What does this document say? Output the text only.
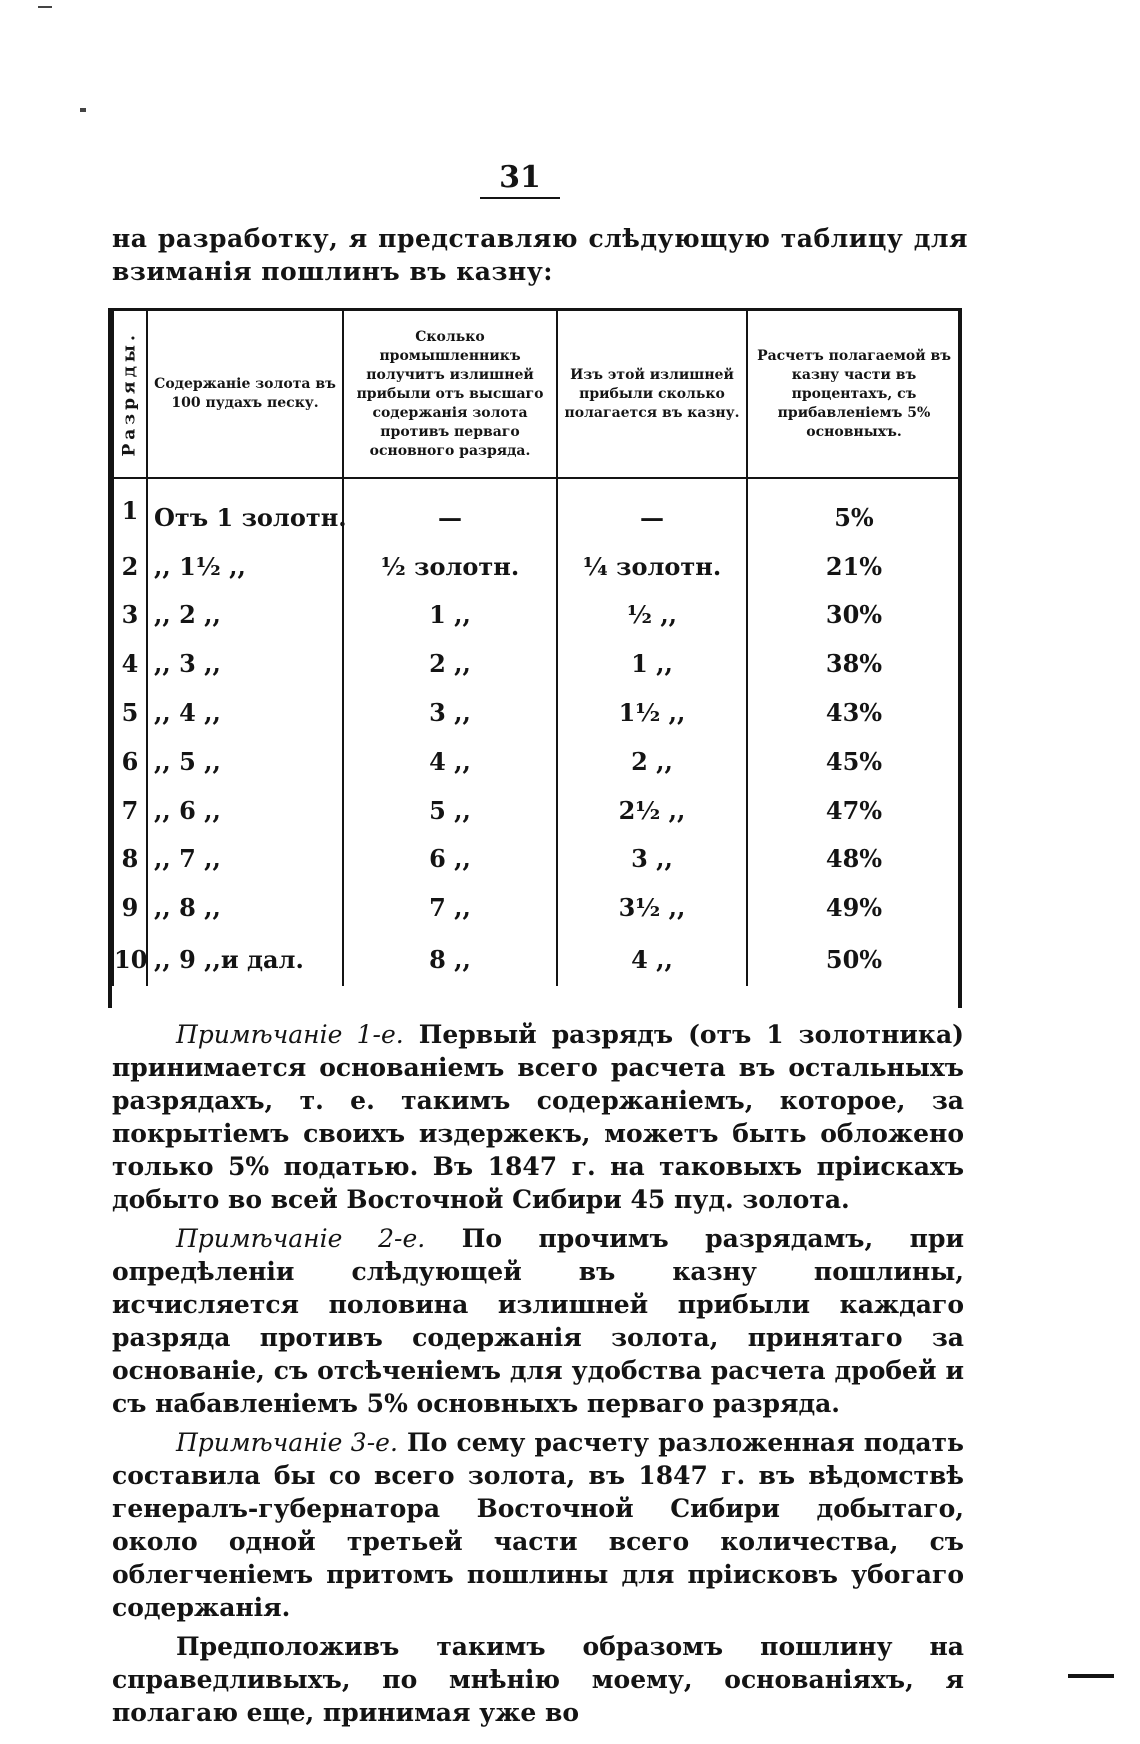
31
на разработку, я представляю слѣдующую таблицу для взиманія пошлинъ въ казну:
Разряды.	Содержаніе золота въ 100 пудахъ песку.	Сколько промышленникъ получитъ излишней прибыли отъ высшаго содержанія золота противъ перваго основного разряда.	Изъ этой излишней прибыли сколько полагается въ казну.	Расчетъ полагаемой въ казну части въ процентахъ, съ прибавленіемъ 5% основныхъ.
1	Отъ 1 золотн.	—	—	5%
2	,, 1½ ,,	½ золотн.	¼ золотн.	21%
3	,, 2 ,,	1 ,,	½ ,,	30%
4	,, 3 ,,	2 ,,	1 ,,	38%
5	,, 4 ,,	3 ,,	1½ ,,	43%
6	,, 5 ,,	4 ,,	2 ,,	45%
7	,, 6 ,,	5 ,,	2½ ,,	47%
8	,, 7 ,,	6 ,,	3 ,,	48%
9	,, 8 ,,	7 ,,	3½ ,,	49%
10	,, 9 ,,и дал.	8 ,,	4 ,,	50%

Примѣчаніе 1-е. Первый разрядъ (отъ 1 золотника) принимается основаніемъ всего расчета въ остальныхъ разрядахъ, т. е. такимъ содержаніемъ, которое, за покрытіемъ своихъ издержекъ, можетъ быть обложено только 5% податью. Въ 1847 г. на таковыхъ пріискахъ добыто во всей Восточной Сибири 45 пуд. золота.

Примѣчаніе 2-е. По прочимъ разрядамъ, при опредѣленіи слѣдующей въ казну пошлины, исчисляется половина излишней прибыли каждаго разряда противъ содержанія золота, принятаго за основаніе, съ отсѣченіемъ для удобства расчета дробей и съ набавленіемъ 5% основныхъ перваго разряда.

Примѣчаніе 3-е. По сему расчету разложенная подать составила бы со всего золота, въ 1847 г. въ вѣдомствѣ генералъ-губернатора Восточной Сибири добытаго, около одной третьей части всего количества, съ облегченіемъ притомъ пошлины для пріисковъ убогаго содержанія.

Предположивъ такимъ образомъ пошлину на справедливыхъ, по мнѣнію моему, основаніяхъ, я полагаю еще, принимая уже во
